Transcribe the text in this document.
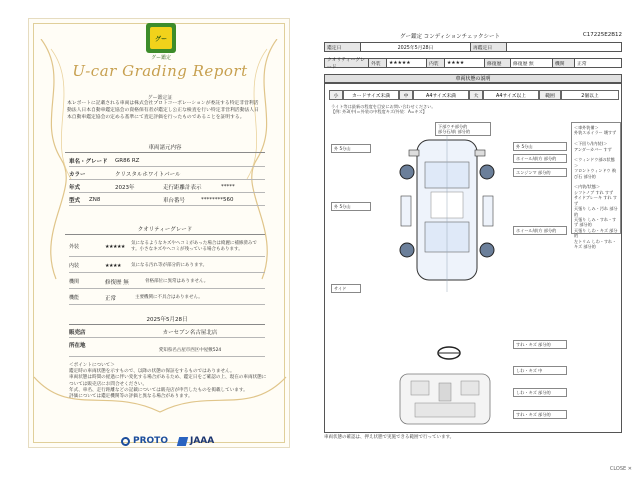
グー
グー鑑定
U-car Grading Report
グー鑑定証
本レポートに記載される車両は株式会社プロトコーポレーションが委託する特定非営利活動法人日本自動車鑑定協会の資格保有者が鑑定し公正な検査を行い特定非営利活動法人日本自動車鑑定協会の定める基準にて査定評価を行ったものであることを証明する。
車両諸元内容
車名・グレード	GR86 RZ
カラー	クリスタルホワイトパール
年式	2023年	走行距離計表示	*****
型式	ZN8	車台番号	********560
クオリティーグレード
外装	★★★★★
気になるようなキズやヘコミがあった場合は綺麗に補修済みです。小さなキズやヘコミが残っている場合もあります。
内装	★★★★	気になる汚れ等が部分的にあります。
機関	修復歴 無	骨格部位に異常はありません。
機能	正常	主要機関に不具合はありません。
2025年5月28日
販売店	カーセブン名古屋北店
所在地
愛知県名古屋市西区中屋敷524
＜ポイントについて＞
鑑定時の車両状態を示すもので、以降の状態の保証をするものではありません。
車両状態は時間の経過に伴い変化する場合があるため、鑑定日をご確認の上、現在の車両状態については販売店にお問合せください。
年式、車名、走行距離などの記載については販売店が申告したものを掲載しています。
評価については鑑定機関等の評価と異なる場合があります。
PROTO JAAA
グー鑑定 コンディションチェックシート	C17225E2B12
鑑定日	2025年5月28日	再鑑定日
クオリティーグレード
外装	★★★★★	内装	★★★★	修復歴	修復歴 無	機関	正常
車両状態の説明
小	カードサイズ未満	中	A4サイズ未満	大	A4サイズ以上	範囲	2個以上
ライト等は最新の程度を目安にお問い合わせください。
【例: 外3(中)＝外装の中程度キズ/外装：A=キズ】
下部ウチ部分的
部分石/前 部分的
外 5分山
外 5分山
エンジンマ 部分的
外 5分山
ホイール/前方 部分的
ホイール/前方 部分的
サイド
すれ・キズ 部分的
しわ・キズ 中
しわ・キズ 部分的
すれ・キズ 部分的
＜車外装備＞
外装スポイラー 壊すず

＜下回り/(内装)＞
アンダーカバー すず

＜ウィンドウ部の状態＞
フロントウィンドウ 飛び石 部分的

＜内装/状態＞
シフトノブ すれ すず
サイドブレーキ すれ すず
天張り しみ・汚れ 部分的
天張り しみ・すれ・すず 部分的
天張り しわ・キズ 部分的
左トリム しわ・すれ・キズ 部分的
車両状態の確認は、押え状態で実施できる範囲で行っています。
CLOSE ✕
